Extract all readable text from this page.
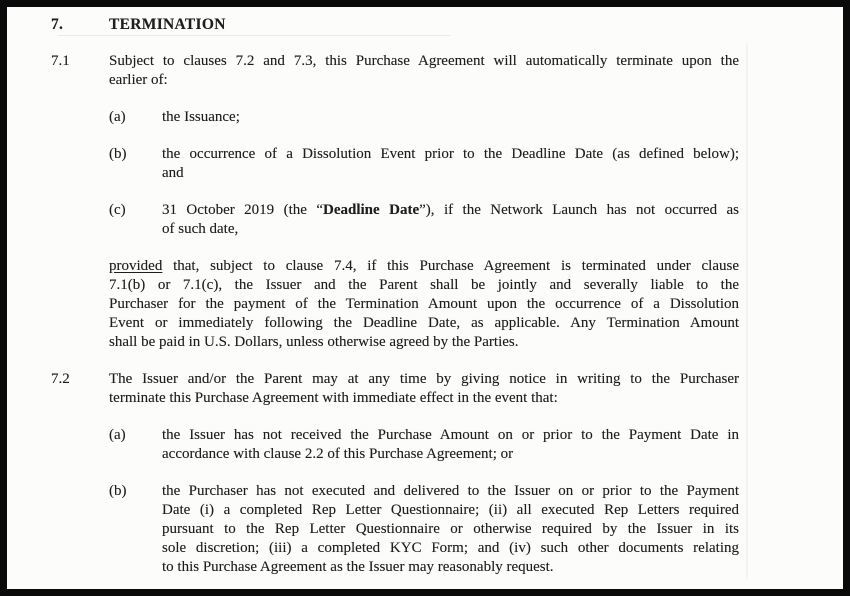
7.	TERMINATION
7.1	Subject to clauses 7.2 and 7.3, this Purchase Agreement will automatically terminate upon the
earlier of:
(a)	the Issuance;
(b)	the occurrence of a Dissolution Event prior to the Deadline Date (as defined below);
and
(c)	31 October 2019 (the “Deadline Date”), if the Network Launch has not occurred as
of such date,
provided that, subject to clause 7.4, if this Purchase Agreement is terminated under clause
7.1(b) or 7.1(c), the Issuer and the Parent shall be jointly and severally liable to the
Purchaser for the payment of the Termination Amount upon the occurrence of a Dissolution
Event or immediately following the Deadline Date, as applicable. Any Termination Amount
shall be paid in U.S. Dollars, unless otherwise agreed by the Parties.
7.2	The Issuer and/or the Parent may at any time by giving notice in writing to the Purchaser
terminate this Purchase Agreement with immediate effect in the event that:
(a)	the Issuer has not received the Purchase Amount on or prior to the Payment Date in
accordance with clause 2.2 of this Purchase Agreement; or
(b)	the Purchaser has not executed and delivered to the Issuer on or prior to the Payment
Date (i) a completed Rep Letter Questionnaire; (ii) all executed Rep Letters required
pursuant to the Rep Letter Questionnaire or otherwise required by the Issuer in its
sole discretion; (iii) a completed KYC Form; and (iv) such other documents relating
to this Purchase Agreement as the Issuer may reasonably request.
